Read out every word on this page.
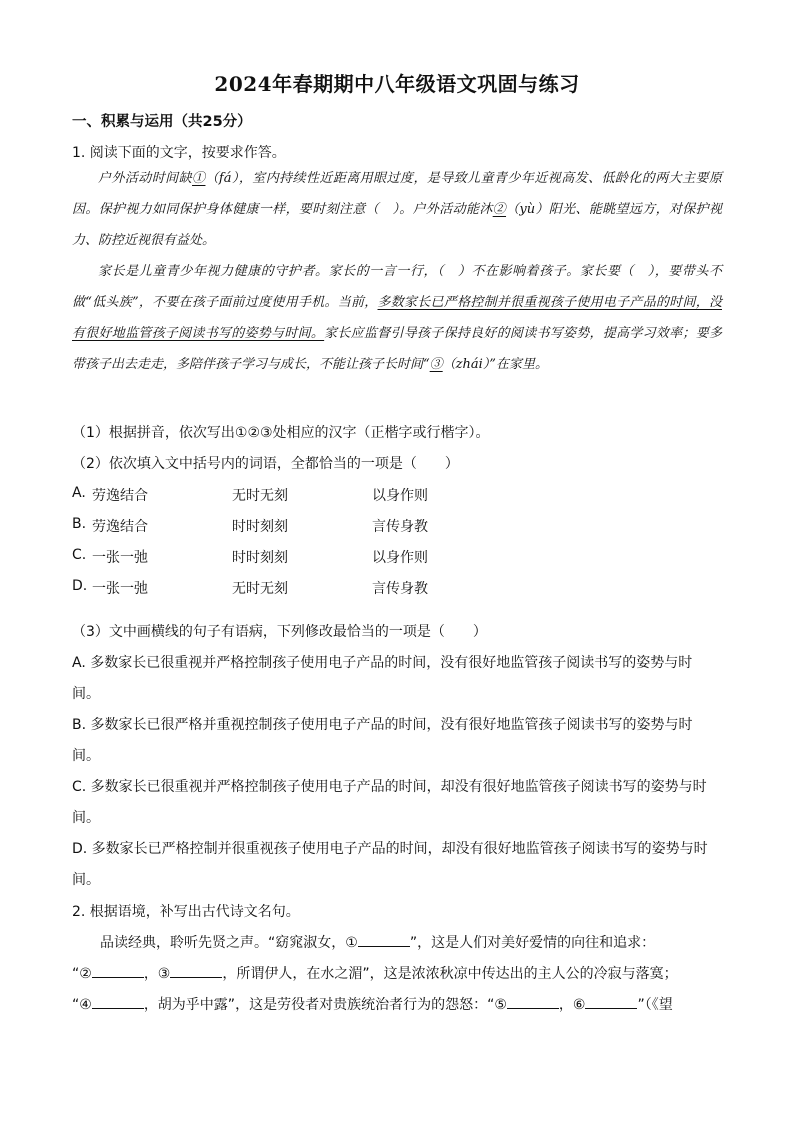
2024年春期期中八年级语文巩固与练习
一、积累与运用（共25分）
1. 阅读下面的文字，按要求作答。

户外活动时间缺①（fá），室内持续性近距离用眼过度，是导致儿童青少年近视高发、低龄化的两大主要原因。保护视力如同保护身体健康一样，要时刻注意（　）。户外活动能沐②（yù）阳光、能眺望远方，对保护视力、防控近视很有益处。

家长是儿童青少年视力健康的守护者。家长的一言一行，（　）不在影响着孩子。家长要（　），要带头不做“低头族”，不要在孩子面前过度使用手机。当前，多数家长已严格控制并很重视孩子使用电子产品的时间，没有很好地监管孩子阅读书写的姿势与时间。家长应监督引导孩子保持良好的阅读书写姿势，提高学习效率；要多带孩子出去走走，多陪伴孩子学习与成长，不能让孩子长时间“③（zhái）”在家里。

（1）根据拼音，依次写出①②③处相应的汉字（正楷字或行楷字）。
（2）依次填入文中括号内的词语，全都恰当的一项是（　　）
A. 劳逸结合	无时无刻	以身作则
B. 劳逸结合	时时刻刻	言传身教
C. 一张一弛	时时刻刻	以身作则
D. 一张一弛	无时无刻	言传身教
（3）文中画横线的句子有语病，下列修改最恰当的一项是（　　）
A. 多数家长已很重视并严格控制孩子使用电子产品的时间，没有很好地监管孩子阅读书写的姿势与时
间。
B. 多数家长已很严格并重视控制孩子使用电子产品的时间，没有很好地监管孩子阅读书写的姿势与时
间。
C. 多数家长已很重视并严格控制孩子使用电子产品的时间，却没有很好地监管孩子阅读书写的姿势与时
间。
D. 多数家长已严格控制并很重视孩子使用电子产品的时间，却没有很好地监管孩子阅读书写的姿势与时
间。
2. 根据语境，补写出古代诗文名句。
品读经典，聆听先贤之声。“窈窕淑女，①	”，这是人们对美好爱情的向往和追求：
“②	，③	，所谓伊人，在水之湄”，这是浓浓秋凉中传达出的主人公的冷寂与落寞；
“④	，胡为乎中露”，这是劳役者对贵族统治者行为的怨怒：“⑤	，⑥	”（《望
